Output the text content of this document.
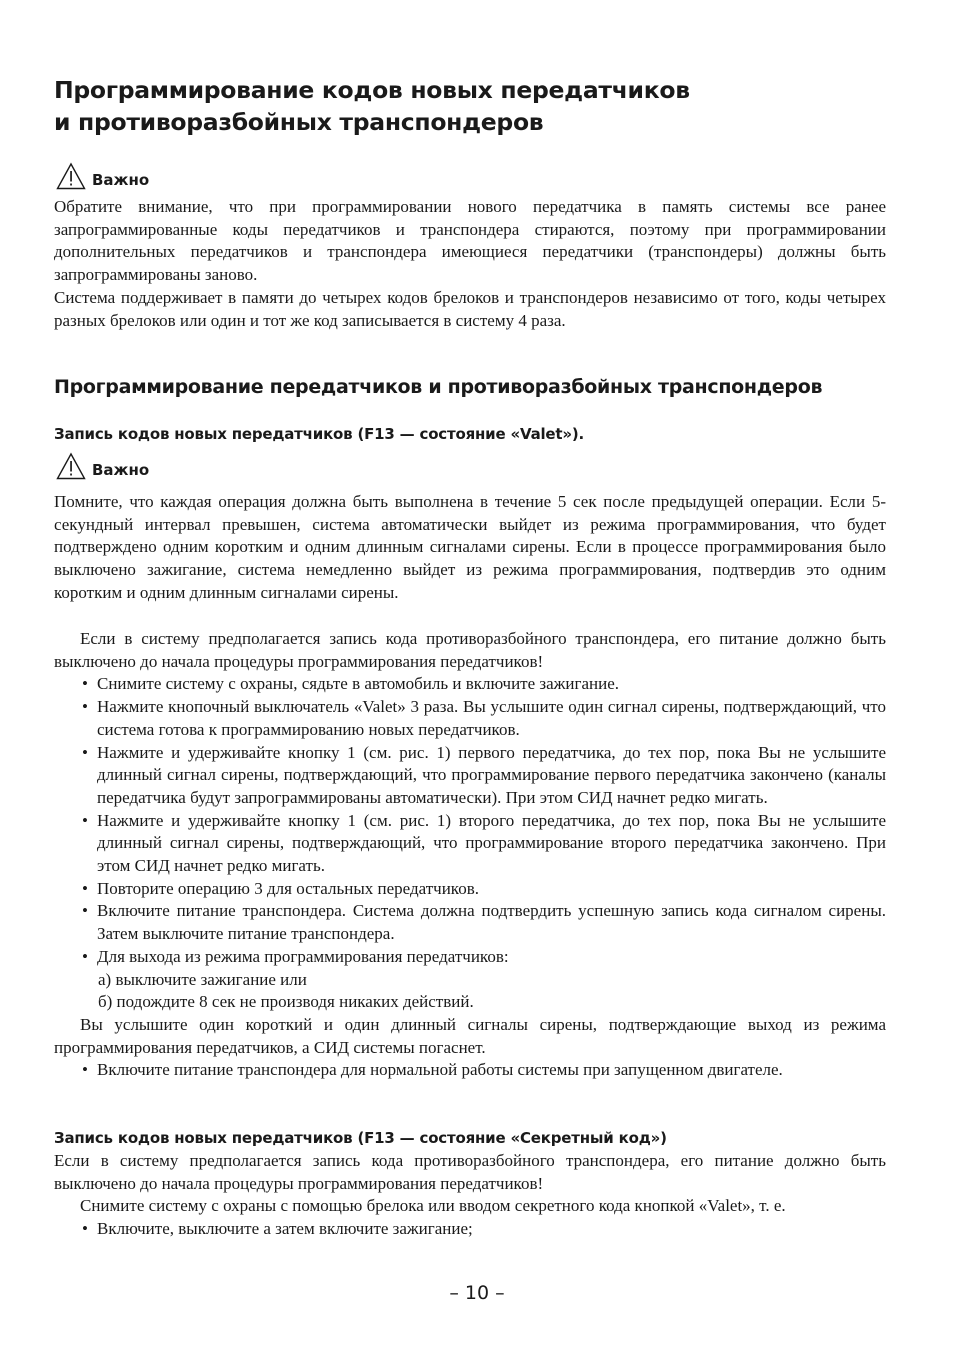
Программирование кодов новых передатчиков
и противоразбойных транспондеров
Важно

Обратите внимание, что при программировании нового передатчика в память системы все ранее запрограммированные коды передатчиков и транспондера стираются, поэтому при программировании дополнительных передатчиков и транспондера имеющиеся передатчики (транспондеры) должны быть запрограммированы заново.

Система поддерживает в памяти до четырех кодов брелоков и транспондеров независимо от того, коды четырех разных брелоков или один и тот же код записывается в систему 4 раза.

Программирование передатчиков и противоразбойных транспондеров
Запись кодов новых передатчиков (F13 — состояние «Valet»).
Важно

Помните, что каждая операция должна быть выполнена в течение 5 сек после предыдущей операции. Если 5-секундный интервал превышен, система автоматически выйдет из режима программирования, что будет подтверждено одним коротким и одним длинным сигналами сирены. Если в процессе программирования было выключено зажигание, система немедленно выйдет из режима программирования, подтвердив это одним коротким и одним длинным сигналами сирены.

Если в систему предполагается запись кода противоразбойного транспондера, его питание должно быть выключено до начала процедуры программирования передатчиков!

• Снимите систему с охраны, сядьте в автомобиль и включите зажигание.
• Нажмите кнопочный выключатель «Valet» 3 раза. Вы услышите один сигнал сирены, подтверждающий, что система готова к программированию новых передатчиков.
• Нажмите и удерживайте кнопку 1 (см. рис. 1) первого передатчика, до тех пор, пока Вы не услышите длинный сигнал сирены, подтверждающий, что программирование первого передатчика закончено (каналы передатчика будут запрограммированы автоматически). При этом СИД начнет редко мигать.
• Нажмите и удерживайте кнопку 1 (см. рис. 1) второго передатчика, до тех пор, пока Вы не услышите длинный сигнал сирены, подтверждающий, что программирование второго передатчика закончено. При этом СИД начнет редко мигать.
• Повторите операцию 3 для остальных передатчиков.
• Включите питание транспондера. Система должна подтвердить успешную запись кода сигналом сирены. Затем выключите питание транспондера.
• Для выхода из режима программирования передатчиков:

а) выключите зажигание или

б) подождите 8 сек не производя никаких действий.

Вы услышите один короткий и один длинный сигналы сирены, подтверждающие выход из режима программирования передатчиков, а СИД системы погаснет.

• Включите питание транспондера для нормальной работы системы при запущенном двигателе.
Запись кодов новых передатчиков (F13 — состояние «Секретный код»)

Если в систему предполагается запись кода противоразбойного транспондера, его питание должно быть выключено до начала процедуры программирования передатчиков!

Снимите систему с охраны с помощью брелока или вводом секретного кода кнопкой «Valet», т. е.

• Включите, выключите а затем включите зажигание;
– 10 –
